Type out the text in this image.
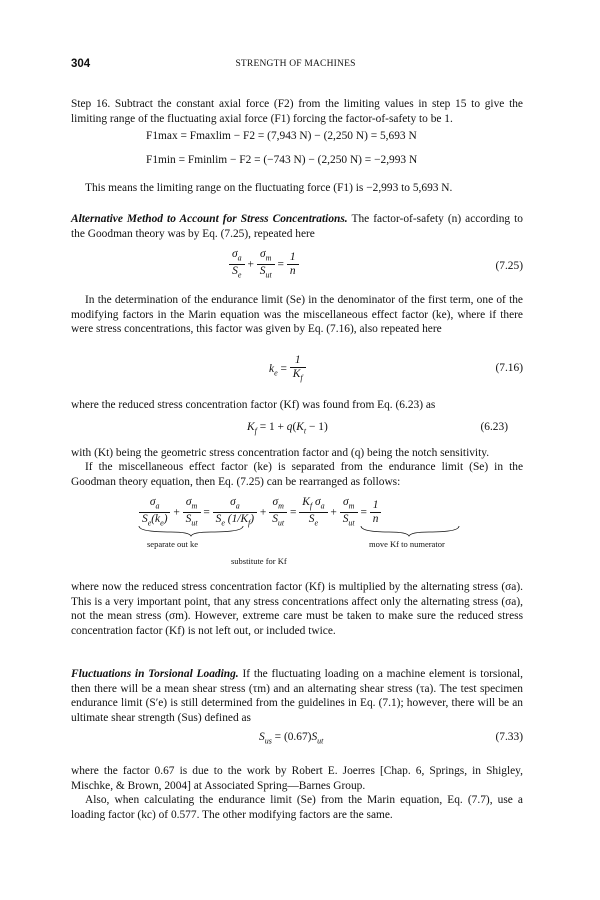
304	STRENGTH OF MACHINES
Step 16. Subtract the constant axial force (F2) from the limiting values in step 15 to give the limiting range of the fluctuating axial force (F1) forcing the factor-of-safety to be 1.
F1max = Fmaxlim − F2 = (7,943 N) − (2,250 N) = 5,693 N
F1min = Fminlim − F2 = (−743 N) − (2,250 N) = −2,993 N
This means the limiting range on the fluctuating force (F1) is −2,993 to 5,693 N.
Alternative Method to Account for Stress Concentrations. The factor-of-safety (n) according to the Goodman theory was by Eq. (7.25), repeated here
$\frac{\sigma_a}{S_e} + \frac{\sigma_m}{S_{ut}} = \frac{1}{n}$	(7.25)
In the determination of the endurance limit (Se) in the denominator of the first term, one of the modifying factors in the Marin equation was the miscellaneous effect factor (ke), where if there were stress concentrations, this factor was given by Eq. (7.16), also repeated here
$k_e = \frac{1}{K_f}$	(7.16)
where the reduced stress concentration factor (Kf) was found from Eq. (6.23) as
$K_f = 1 + q(K_t - 1)$	(6.23)
with (Kt) being the geometric stress concentration factor and (q) being the notch sensitivity.
If the miscellaneous effect factor (ke) is separated from the endurance limit (Se) in the Goodman theory equation, then Eq. (7.25) can be rearranged as follows:
$\frac{\sigma_a}{S_e(k_e)} + \frac{\sigma_m}{S_{ut}} = \frac{\sigma_a}{S_e (1/K_f)} + \frac{\sigma_m}{S_{ut}} = \frac{K_f \sigma_a}{S_e} + \frac{\sigma_m}{S_{ut}} = \frac{1}{n}$
separate out ke
substitute for Kf
move Kf to numerator
where now the reduced stress concentration factor (Kf) is multiplied by the alternating stress (σa). This is a very important point, that any stress concentrations affect only the alternating stress (σa), not the mean stress (σm). However, extreme care must be taken to make sure the reduced stress concentration factor (Kf) is not left out, or included twice.
Fluctuations in Torsional Loading. If the fluctuating loading on a machine element is torsional, then there will be a mean shear stress (τm) and an alternating shear stress (τa). The test specimen endurance limit (S′e) is still determined from the guidelines in Eq. (7.1); however, there will be an ultimate shear strength (Sus) defined as
$S_{us} = (0.67)S_{ut}$	(7.33)
where the factor 0.67 is due to the work by Robert E. Joerres [Chap. 6, Springs, in Shigley, Mischke, & Brown, 2004] at Associated Spring—Barnes Group.
Also, when calculating the endurance limit (Se) from the Marin equation, Eq. (7.7), use a loading factor (kc) of 0.577. The other modifying factors are the same.
